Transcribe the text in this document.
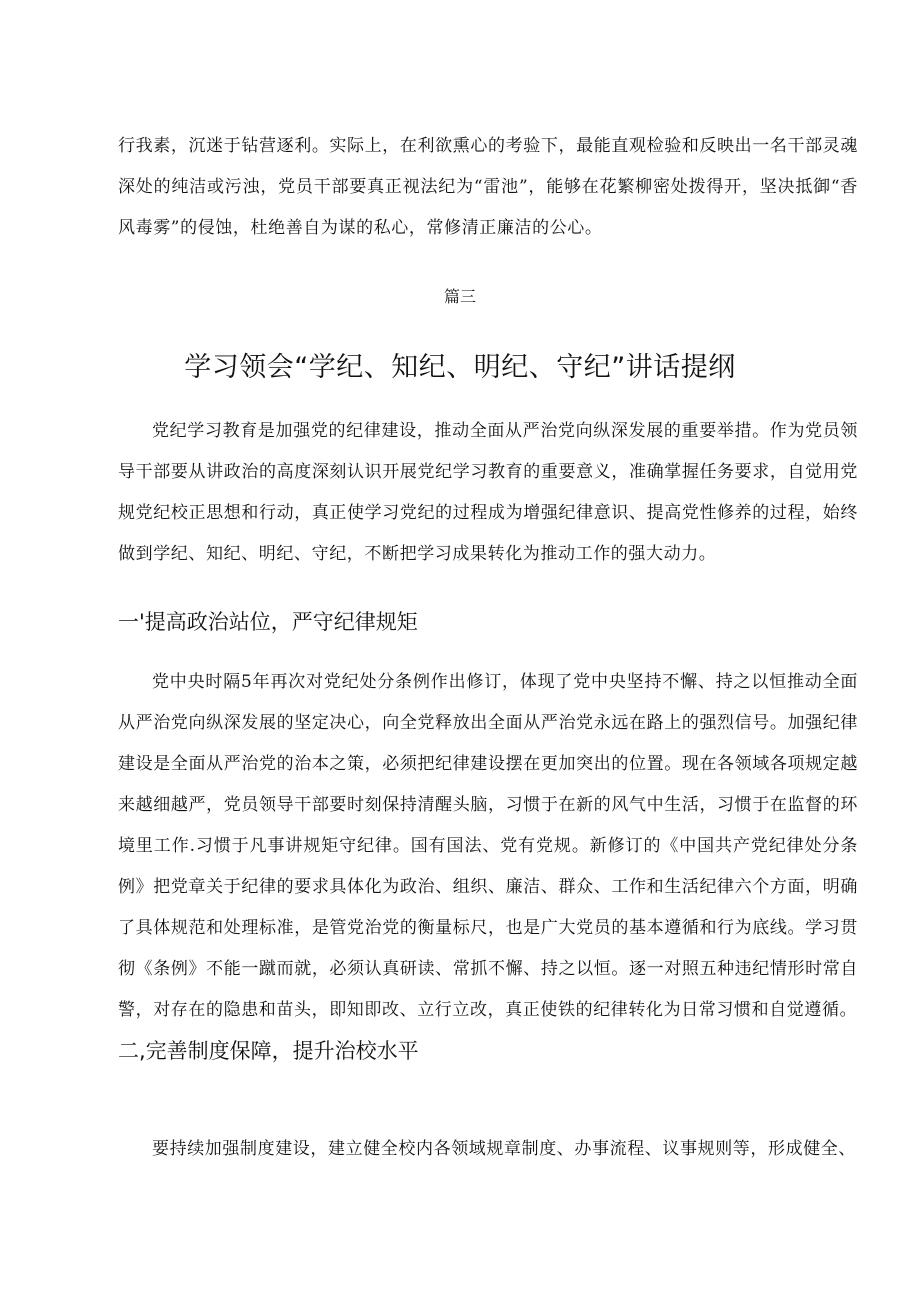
行我素，沉迷于钻营逐利。实际上，在利欲熏心的考验下，最能直观检验和反映出一名干部灵魂深处的纯洁或污浊，党员干部要真正视法纪为“雷池”，能够在花繁柳密处拨得开，坚决抵御“香风毒雾”的侵蚀，杜绝善自为谋的私心，常修清正廉洁的公心。

篇三

学习领会“学纪、知纪、明纪、守纪”讲话提纲

党纪学习教育是加强党的纪律建设，推动全面从严治党向纵深发展的重要举措。作为党员领导干部要从讲政治的高度深刻认识开展党纪学习教育的重要意义，准确掌握任务要求，自觉用党规党纪校正思想和行动，真正使学习党纪的过程成为增强纪律意识、提高党性修养的过程，始终做到学纪、知纪、明纪、守纪，不断把学习成果转化为推动工作的强大动力。

一'提高政治站位，严守纪律规矩

党中央时隔5年再次对党纪处分条例作出修订，体现了党中央坚持不懈、持之以恒推动全面从严治党向纵深发展的坚定决心，向全党释放出全面从严治党永远在路上的强烈信号。加强纪律建设是全面从严治党的治本之策，必须把纪律建设摆在更加突出的位置。现在各领域各项规定越来越细越严，党员领导干部要时刻保持清醒头脑，习惯于在新的风气中生活，习惯于在监督的环境里工作.习惯于凡事讲规矩守纪律。国有国法、党有党规。新修订的《中国共产党纪律处分条例》把党章关于纪律的要求具体化为政治、组织、廉洁、群众、工作和生活纪律六个方面，明确了具体规范和处理标准，是管党治党的衡量标尺，也是广大党员的基本遵循和行为底线。学习贯彻《条例》不能一蹴而就，必须认真研读、常抓不懈、持之以恒。逐一对照五种违纪情形时常自警，对存在的隐患和苗头，即知即改、立行立改，真正使铁的纪律转化为日常习惯和自觉遵循。

二,完善制度保障，提升治校水平

要持续加强制度建设，建立健全校内各领域规章制度、办事流程、议事规则等，形成健全、
